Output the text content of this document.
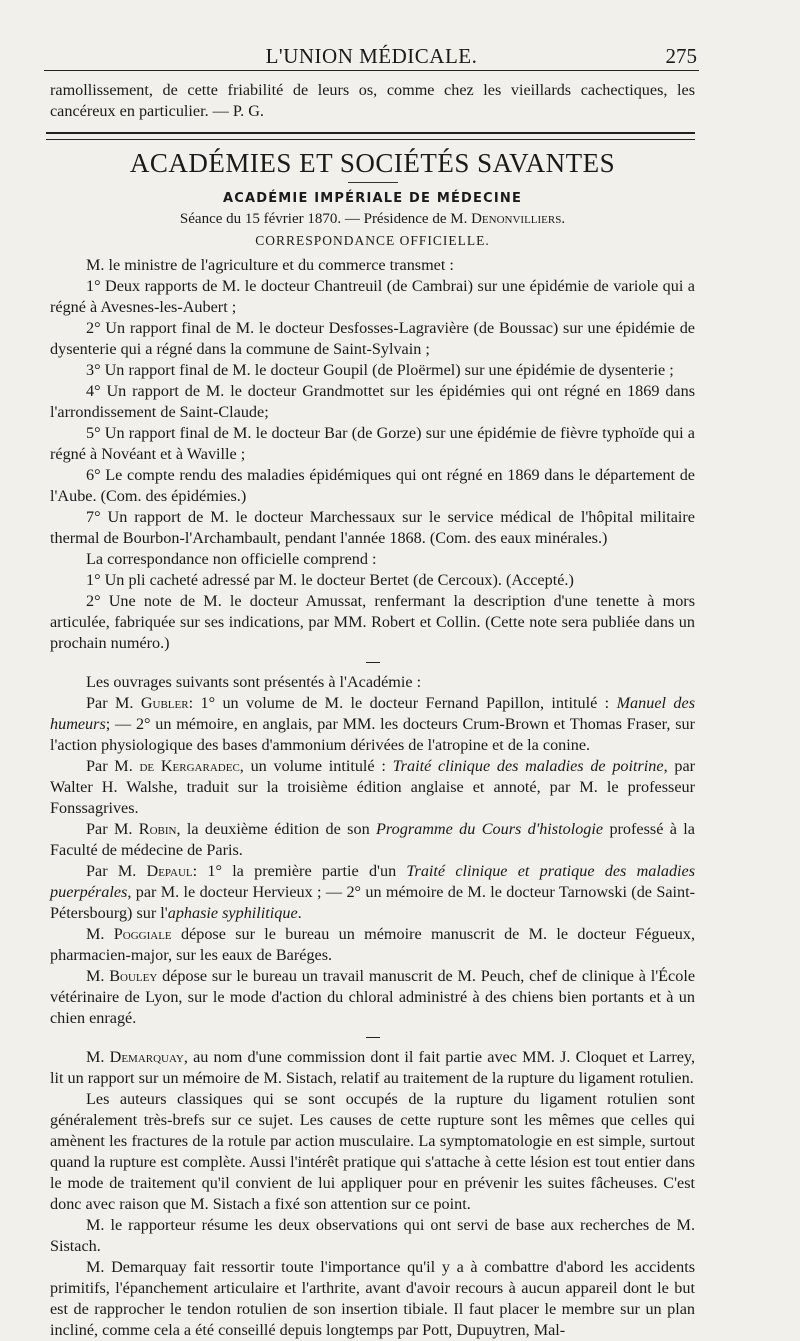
L'UNION MÉDICALE.	275

ramollissement, de cette friabilité de leurs os, comme chez les vieillards cachectiques, les cancéreux en particulier. — P. G.

ACADÉMIES ET SOCIÉTÉS SAVANTES
ACADÉMIE IMPÉRIALE DE MÉDECINE
Séance du 15 février 1870. — Présidence de M. Denonvilliers.
CORRESPONDANCE OFFICIELLE.

M. le ministre de l'agriculture et du commerce transmet :

1° Deux rapports de M. le docteur Chantreuil (de Cambrai) sur une épidémie de variole qui a régné à Avesnes-les-Aubert ;

2° Un rapport final de M. le docteur Desfosses-Lagravière (de Boussac) sur une épidémie de dysenterie qui a régné dans la commune de Saint-Sylvain ;

3° Un rapport final de M. le docteur Goupil (de Ploërmel) sur une épidémie de dysenterie ;

4° Un rapport de M. le docteur Grandmottet sur les épidémies qui ont régné en 1869 dans l'arrondissement de Saint-Claude;

5° Un rapport final de M. le docteur Bar (de Gorze) sur une épidémie de fièvre typhoïde qui a régné à Novéant et à Waville ;

6° Le compte rendu des maladies épidémiques qui ont régné en 1869 dans le département de l'Aube. (Com. des épidémies.)

7° Un rapport de M. le docteur Marchessaux sur le service médical de l'hôpital militaire thermal de Bourbon-l'Archambault, pendant l'année 1868. (Com. des eaux minérales.)

La correspondance non officielle comprend :

1° Un pli cacheté adressé par M. le docteur Bertet (de Cercoux). (Accepté.)

2° Une note de M. le docteur Amussat, renfermant la description d'une tenette à mors articulée, fabriquée sur ses indications, par MM. Robert et Collin. (Cette note sera publiée dans un prochain numéro.)

Les ouvrages suivants sont présentés à l'Académie :

Par M. Gubler: 1° un volume de M. le docteur Fernand Papillon, intitulé : Manuel des humeurs; — 2° un mémoire, en anglais, par MM. les docteurs Crum-Brown et Thomas Fraser, sur l'action physiologique des bases d'ammonium dérivées de l'atropine et de la conine.

Par M. de Kergaradec, un volume intitulé : Traité clinique des maladies de poitrine, par Walter H. Walshe, traduit sur la troisième édition anglaise et annoté, par M. le professeur Fonssagrives.

Par M. Robin, la deuxième édition de son Programme du Cours d'histologie professé à la Faculté de médecine de Paris.

Par M. Depaul: 1° la première partie d'un Traité clinique et pratique des maladies puerpérales, par M. le docteur Hervieux ; — 2° un mémoire de M. le docteur Tarnowski (de Saint-Pétersbourg) sur l'aphasie syphilitique.

M. Poggiale dépose sur le bureau un mémoire manuscrit de M. le docteur Fégueux, pharmacien-major, sur les eaux de Baréges.

M. Bouley dépose sur le bureau un travail manuscrit de M. Peuch, chef de clinique à l'École vétérinaire de Lyon, sur le mode d'action du chloral administré à des chiens bien portants et à un chien enragé.

M. Demarquay, au nom d'une commission dont il fait partie avec MM. J. Cloquet et Larrey, lit un rapport sur un mémoire de M. Sistach, relatif au traitement de la rupture du ligament rotulien.

Les auteurs classiques qui se sont occupés de la rupture du ligament rotulien sont généralement très-brefs sur ce sujet. Les causes de cette rupture sont les mêmes que celles qui amènent les fractures de la rotule par action musculaire. La symptomatologie en est simple, surtout quand la rupture est complète. Aussi l'intérêt pratique qui s'attache à cette lésion est tout entier dans le mode de traitement qu'il convient de lui appliquer pour en prévenir les suites fâcheuses. C'est donc avec raison que M. Sistach a fixé son attention sur ce point.

M. le rapporteur résume les deux observations qui ont servi de base aux recherches de M. Sistach.

M. Demarquay fait ressortir toute l'importance qu'il y a à combattre d'abord les accidents primitifs, l'épanchement articulaire et l'arthrite, avant d'avoir recours à aucun appareil dont le but est de rapprocher le tendon rotulien de son insertion tibiale. Il faut placer le membre sur un plan incliné, comme cela a été conseillé depuis longtemps par Pott, Dupuytren, Mal-
